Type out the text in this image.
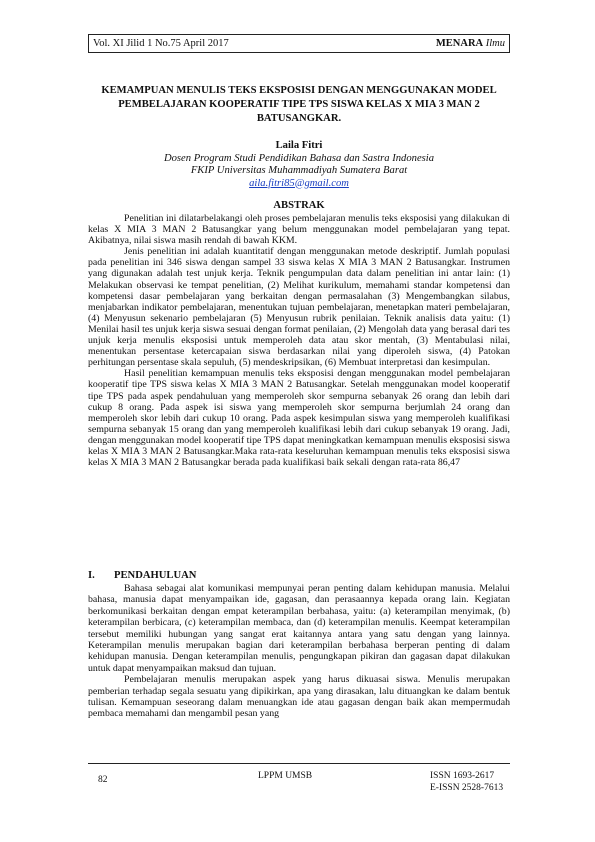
Vol. XI Jilid 1 No.75 April 2017	MENARA Ilmu
KEMAMPUAN MENULIS TEKS EKSPOSISI DENGAN MENGGUNAKAN MODEL
PEMBELAJARAN KOOPERATIF TIPE TPS SISWA KELAS X MIA 3 MAN 2
BATUSANGKAR.
Laila Fitri
Dosen Program Studi Pendidikan Bahasa dan Sastra Indonesia
FKIP Universitas Muhammadiyah Sumatera Barat
aila.fitri85@gmail.com
ABSTRAK

Penelitian ini dilatarbelakangi oleh proses pembelajaran menulis teks eksposisi yang dilakukan di kelas X MIA 3 MAN 2 Batusangkar yang belum menggunakan model pembelajaran yang tepat. Akibatnya, nilai siswa masih rendah di bawah KKM.

Jenis penelitian ini adalah kuantitatif dengan menggunakan metode deskriptif. Jumlah populasi pada penelitian ini 346 siswa dengan sampel 33 siswa kelas X MIA 3 MAN 2 Batusangkar. Instrumen yang digunakan adalah test unjuk kerja. Teknik pengumpulan data dalam penelitian ini antar lain: (1) Melakukan observasi ke tempat penelitian, (2) Melihat kurikulum, memahami standar kompetensi dan kompetensi dasar pembelajaran yang berkaitan dengan permasalahan (3) Mengembangkan silabus, menjabarkan indikator pembelajaran, menentukan tujuan pembelajaran, menetapkan materi pembelajaran, (4) Menyusun sekenario pembelajaran (5) Menyusun rubrik penilaian. Teknik analisis data yaitu: (1) Menilai hasil tes unjuk kerja siswa sesuai dengan format penilaian, (2) Mengolah data yang berasal dari tes unjuk kerja menulis eksposisi untuk memperoleh data atau skor mentah, (3) Mentabulasi nilai, menentukan persentase ketercapaian siswa berdasarkan nilai yang diperoleh siswa, (4) Patokan perhitungan persentase skala sepuluh, (5) mendeskripsikan, (6) Membuat interpretasi dan kesimpulan.

Hasil penelitian kemampuan menulis teks eksposisi dengan menggunakan model pembelajaran kooperatif tipe TPS siswa kelas X MIA 3 MAN 2 Batusangkar. Setelah menggunakan model kooperatif tipe TPS pada aspek pendahuluan yang memperoleh skor sempurna sebanyak 26 orang dan lebih dari cukup 8 orang. Pada aspek isi siswa yang memperoleh skor sempurna berjumlah 24 orang dan memperoleh skor lebih dari cukup 10 orang. Pada aspek kesimpulan siswa yang memperoleh kualifikasi sempurna sebanyak 15 orang dan yang memperoleh kualifikasi lebih dari cukup sebanyak 19 orang. Jadi, dengan menggunakan model kooperatif tipe TPS dapat meningkatkan kemampuan menulis eksposisi siswa kelas X MIA 3 MAN 2 Batusangkar.Maka rata-rata keseluruhan kemampuan menulis teks eksposisi siswa kelas X MIA 3 MAN 2 Batusangkar berada pada kualifikasi baik sekali dengan rata-rata 86,47

I. PENDAHULUAN

Bahasa sebagai alat komunikasi mempunyai peran penting dalam kehidupan manusia. Melalui bahasa, manusia dapat menyampaikan ide, gagasan, dan perasaannya kepada orang lain. Kegiatan berkomunikasi berkaitan dengan empat keterampilan berbahasa, yaitu: (a) keterampilan menyimak, (b) keterampilan berbicara, (c) keterampilan membaca, dan (d) keterampilan menulis. Keempat keterampilan tersebut memiliki hubungan yang sangat erat kaitannya antara yang satu dengan yang lainnya. Keterampilan menulis merupakan bagian dari keterampilan berbahasa berperan penting di dalam kehidupan manusia. Dengan keterampilan menulis, pengungkapan pikiran dan gagasan dapat dilakukan untuk dapat menyampaikan maksud dan tujuan.

Pembelajaran menulis merupakan aspek yang harus dikuasai siswa. Menulis merupakan pemberian terhadap segala sesuatu yang dipikirkan, apa yang dirasakan, lalu dituangkan ke dalam bentuk tulisan. Kemampuan seseorang dalam menuangkan ide atau gagasan dengan baik akan mempermudah pembaca memahami dan mengambil pesan yang

82	LPPM UMSB	ISSN 1693-2617
E-ISSN 2528-7613
